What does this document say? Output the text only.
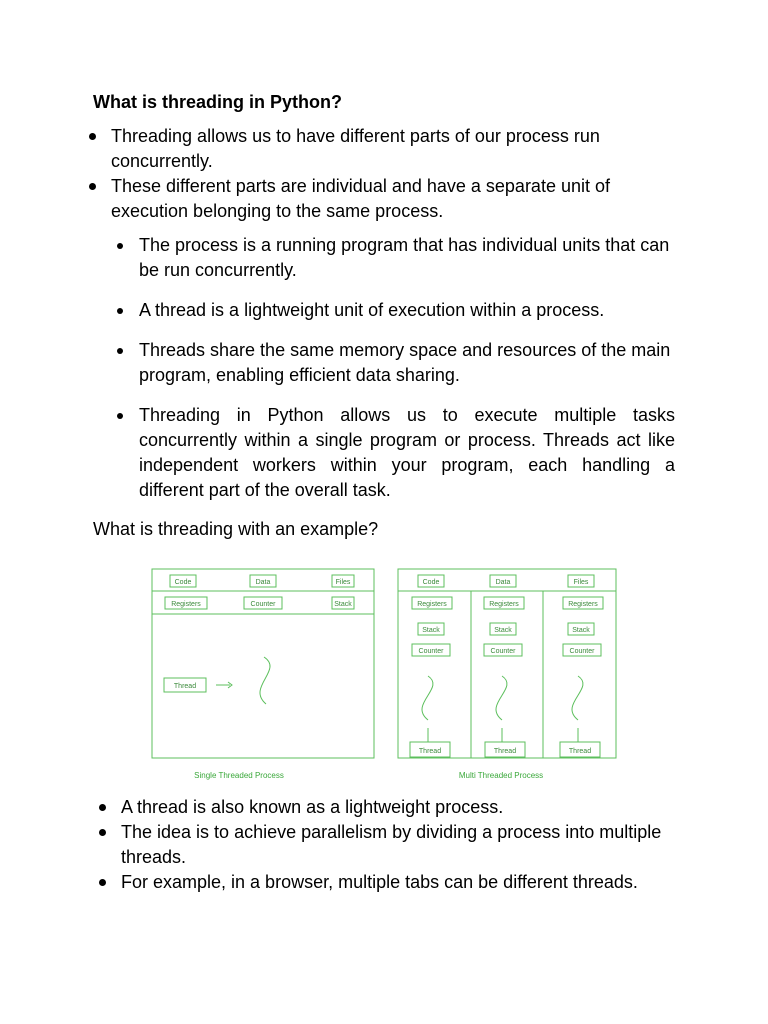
What is threading in Python?
Threading allows us to have different parts of our process run concurrently.
These different parts are individual and have a separate unit of execution belonging to the same process.
The process is a running program that has individual units that can be run concurrently.
A thread is a lightweight unit of execution within a process.
Threads share the same memory space and resources of the main program, enabling efficient data sharing.
Threading in Python allows us to execute multiple tasks concurrently within a single program or process. Threads act like independent workers within your program, each handling a different part of the overall task.

What is threading with an example?

Code	Data	Files
Registers	Counter	Stack
Thread
Single Threaded Process
Code	Data	Files
Registers	Registers	Registers
Stack	Stack	Stack
Counter	Counter	Counter
Thread	Thread	Thread
Multi Threaded Process
A thread is also known as a lightweight process.
The idea is to achieve parallelism by dividing a process into multiple threads.
For example, in a browser, multiple tabs can be different threads.
